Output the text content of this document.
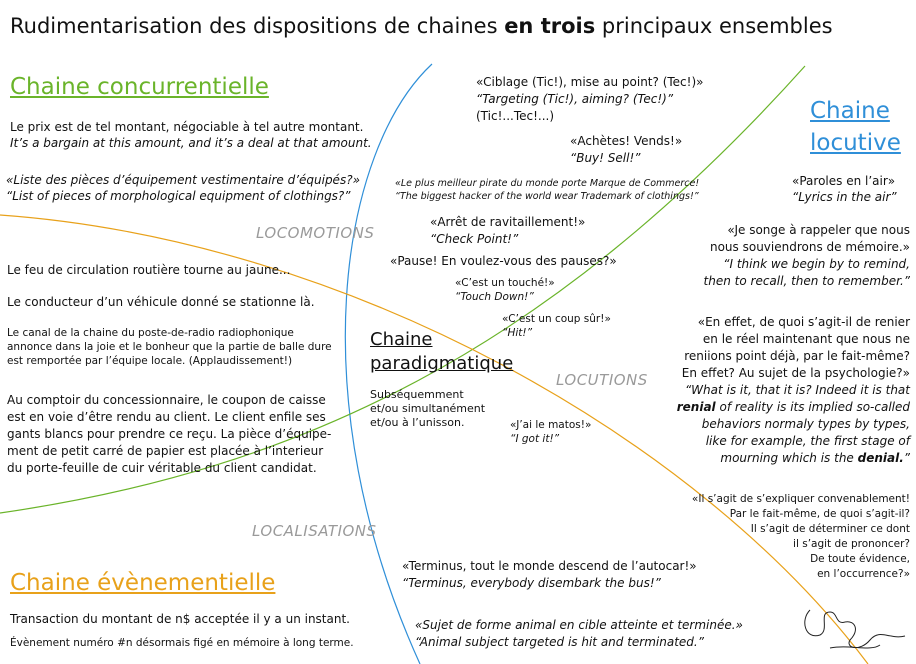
Rudimentarisation des dispositions de chaines en trois principaux ensembles
Chaine concurrentielle
Le prix est de tel montant, négociable à tel autre montant.
It’s a bargain at this amount, and it’s a deal at that amount.
«Liste des pièces d’équipement vestimentaire d’équipés?»
“List of pieces of morphological equipment of clothings?”
LOCOMOTIONS
LOCUTIONS
LOCALISATIONS
Le feu de circulation routière tourne au jaune...
Le conducteur d’un véhicule donné se stationne là.
Le canal de la chaine du poste-de-radio radiophonique
annonce dans la joie et le bonheur que la partie de balle dure
est remportée par l’équipe locale. (Applaudissement!)
Au comptoir du concessionnaire, le coupon de caisse
est en voie d’être rendu au client. Le client enfile ses
gants blancs pour prendre ce reçu. La pièce d’équipe-
ment de petit carré de papier est placée à l’interieur
du porte-feuille de cuir véritable du client candidat.
Chaine
paradigmatique
Subséquemment
et/ou simultanément
et/ou à l’unisson.
«Ciblage (Tic!), mise au point? (Tec!)»
“Targeting (Tic!), aiming? (Tec!)”
(Tic!...Tec!...)
«Achètes! Vends!»
“Buy! Sell!”
«Le plus meilleur pirate du monde porte Marque de Commerce!
“The biggest hacker of the world wear Trademark of clothings!”
Chaine
locutive
«Paroles en l’air»
“Lyrics in the air”
«Arrêt de ravitaillement!»
“Check Point!”
«Pause! En voulez-vous des pauses?»
«C’est un touché!»
“Touch Down!”
«C’est un coup sûr!»
“Hit!”
«J’ai le matos!»
“I got it!”
«Je songe à rappeler que nous
nous souviendrons de mémoire.»
“I think we begin by to remind,
then to recall, then to remember.”
«En effet, de quoi s’agit-il de renier
en le réel maintenant que nous ne
reniions point déjà, par le fait-même?
En effet? Au sujet de la psychologie?»
“What is it, that it is? Indeed it is that
renial of reality is its implied so-called
behaviors normaly types by types,
like for example, the first stage of
mourning which is the denial.”
«Il s’agit de s’expliquer convenablement!
Par le fait-même, de quoi s’agit-il?
Il s’agit de déterminer ce dont
il s’agit de prononcer?
De toute évidence,
en l’occurrence?»
«Terminus, tout le monde descend de l’autocar!»
“Terminus, everybody disembark the bus!”
«Sujet de forme animal en cible atteinte et terminée.»
“Animal subject targeted is hit and terminated.”
Chaine évènementielle
Transaction du montant de n$ acceptée il y a un instant.
Évènement numéro #n désormais figé en mémoire à long terme.
